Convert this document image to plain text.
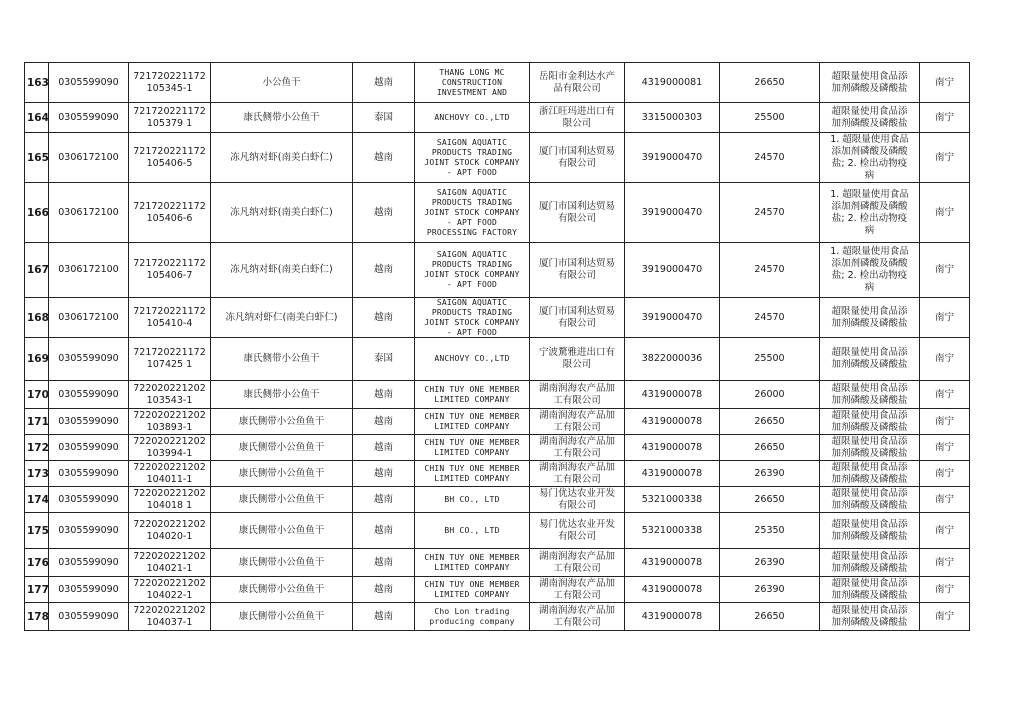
163	0305599090	721720221172
105345-1	小公鱼干	越南	THANG LONG MC
CONSTRUCTION
INVESTMENT AND	岳阳市金利达水产
品有限公司	4319000081	26650	超限量使用食品添
加剂磷酸及磷酸盐	南宁

164	0305599090	721720221172
105379 1	康氏侧带小公鱼干	泰国	ANCHOVY CO.,LTD	浙江旺玛进出口有
限公司	3315000303	25500	超限量使用食品添
加剂磷酸及磷酸盐	南宁

165	0306172100	721720221172
105406-5	冻凡纳对虾(南美白虾仁)	越南	SAIGON AQUATIC
PRODUCTS TRADING
JOINT STOCK COMPANY
- APT FOOD	厦门市国利达贸易
有限公司	3919000470	24570	1. 超限量使用食品
添加剂磷酸及磷酸
盐; 2. 检出动物疫
病	南宁

166	0306172100	721720221172
105406-6	冻凡纳对虾(南美白虾仁)	越南	SAIGON AQUATIC
PRODUCTS TRADING
JOINT STOCK COMPANY
- APT FOOD
PROCESSING FACTORY	厦门市国利达贸易
有限公司	3919000470	24570	1. 超限量使用食品
添加剂磷酸及磷酸
盐; 2. 检出动物疫
病	南宁

167	0306172100	721720221172
105406-7	冻凡纳对虾(南美白虾仁)	越南	SAIGON AQUATIC
PRODUCTS TRADING
JOINT STOCK COMPANY
- APT FOOD	厦门市国利达贸易
有限公司	3919000470	24570	1. 超限量使用食品
添加剂磷酸及磷酸
盐; 2. 检出动物疫
病	南宁

168	0306172100	721720221172
105410-4	冻凡纳对虾仁(南美白虾仁)	越南	SAIGON AQUATIC
PRODUCTS TRADING
JOINT STOCK COMPANY
- APT FOOD	厦门市国利达贸易
有限公司	3919000470	24570	超限量使用食品添
加剂磷酸及磷酸盐	南宁

169	0305599090	721720221172
107425 1	康氏侧带小公鱼干	泰国	ANCHOVY CO.,LTD	宁波騖雅进出口有
限公司	3822000036	25500	超限量使用食品添
加剂磷酸及磷酸盐	南宁

170	0305599090	722020221202
103543-1	康氏侧带小公鱼干	越南	CHIN TUY ONE MEMBER
LIMITED COMPANY	湖南润海农产品加
工有限公司	4319000078	26000	超限量使用食品添
加剂磷酸及磷酸盐	南宁

171	0305599090	722020221202
103893-1	康氏侧带小公鱼鱼干	越南	CHIN TUY ONE MEMBER
LIMITED COMPANY	湖南润海农产品加
工有限公司	4319000078	26650	超限量使用食品添
加剂磷酸及磷酸盐	南宁

172	0305599090	722020221202
103994-1	康氏侧带小公鱼鱼干	越南	CHIN TUY ONE MEMBER
LIMITED COMPANY	湖南润海农产品加
工有限公司	4319000078	26650	超限量使用食品添
加剂磷酸及磷酸盐	南宁

173	0305599090	722020221202
104011-1	康氏侧带小公鱼鱼干	越南	CHIN TUY ONE MEMBER
LIMITED COMPANY	湖南润海农产品加
工有限公司	4319000078	26390	超限量使用食品添
加剂磷酸及磷酸盐	南宁

174	0305599090	722020221202
104018 1	康氏侧带小公鱼鱼干	越南	BH CO., LTD	易门优达农业开发
有限公司	5321000338	26650	超限量使用食品添
加剂磷酸及磷酸盐	南宁

175	0305599090	722020221202
104020-1	康氏侧带小公鱼鱼干	越南	BH CO., LTD	易门优达农业开发
有限公司	5321000338	25350	超限量使用食品添
加剂磷酸及磷酸盐	南宁

176	0305599090	722020221202
104021-1	康氏侧带小公鱼鱼干	越南	CHIN TUY ONE MEMBER
LIMITED COMPANY	湖南润海农产品加
工有限公司	4319000078	26390	超限量使用食品添
加剂磷酸及磷酸盐	南宁

177	0305599090	722020221202
104022-1	康氏侧带小公鱼鱼干	越南	CHIN TUY ONE MEMBER
LIMITED COMPANY	湖南润海农产品加
工有限公司	4319000078	26390	超限量使用食品添
加剂磷酸及磷酸盐	南宁

178	0305599090	722020221202
104037-1	康氏侧带小公鱼鱼干	越南	Cho Lon trading
producing company	湖南润海农产品加
工有限公司	4319000078	26650	超限量使用食品添
加剂磷酸及磷酸盐	南宁
